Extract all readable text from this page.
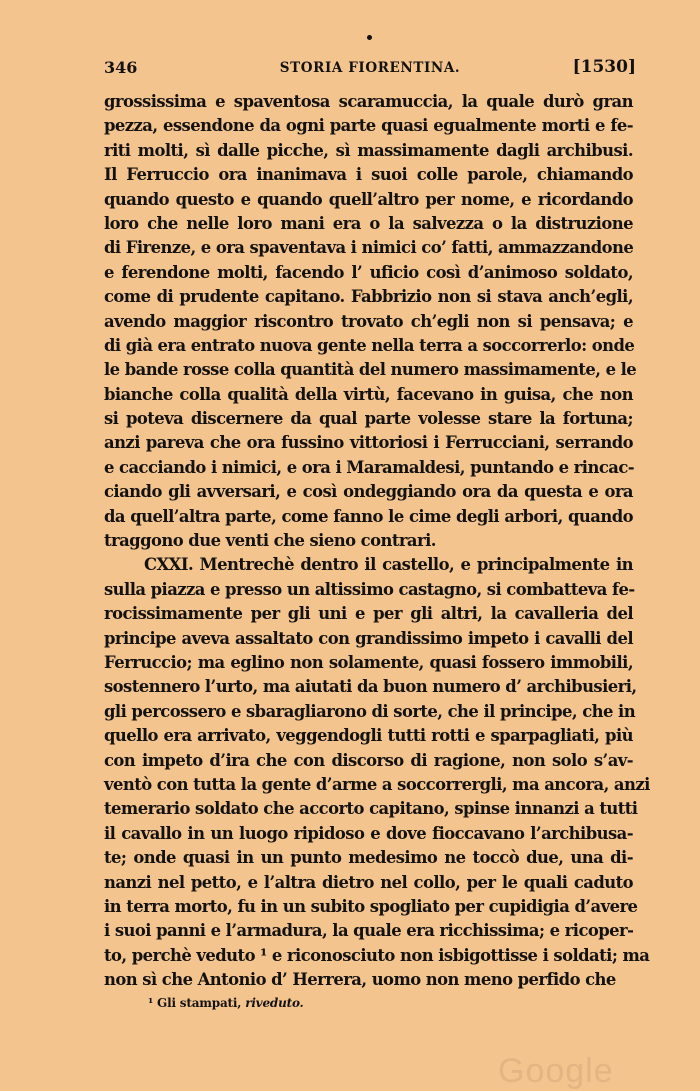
346	STORIA FIORENTINA.	[1530]
grossissima e spaventosa scaramuccia, la quale durò gran
pezza, essendone da ogni parte quasi egualmente morti e fe-
riti molti, sì dalle picche, sì massimamente dagli archibusi.
Il Ferruccio ora inanimava i suoi colle parole, chiamando
quando questo e quando quell’altro per nome, e ricordando
loro che nelle loro mani era o la salvezza o la distruzione
di Firenze, e ora spaventava i nimici co’ fatti, ammazzandone
e ferendone molti, facendo l’ uficio così d’animoso soldato,
come di prudente capitano. Fabbrizio non si stava anch’egli,
avendo maggior riscontro trovato ch’egli non si pensava; e
di già era entrato nuova gente nella terra a soccorrerlo: onde
le bande rosse colla quantità del numero massimamente, e le
bianche colla qualità della virtù, facevano in guisa, che non
si poteva discernere da qual parte volesse stare la fortuna;
anzi pareva che ora fussino vittoriosi i Ferrucciani, serrando
e cacciando i nimici, e ora i Maramaldesi, puntando e rincac-
ciando gli avversari, e così ondeggiando ora da questa e ora
da quell’altra parte, come fanno le cime degli arbori, quando
traggono due venti che sieno contrari.
CXXI. Mentrechè dentro il castello, e principalmente in
sulla piazza e presso un altissimo castagno, si combatteva fe-
rocissimamente per gli uni e per gli altri, la cavalleria del
principe aveva assaltato con grandissimo impeto i cavalli del
Ferruccio; ma eglino non solamente, quasi fossero immobili,
sostennero l’urto, ma aiutati da buon numero d’ archibusieri,
gli percossero e sbaragliarono di sorte, che il principe, che in
quello era arrivato, veggendogli tutti rotti e sparpagliati, più
con impeto d’ira che con discorso di ragione, non solo s’av-
ventò con tutta la gente d’arme a soccorrergli, ma ancora, anzi
temerario soldato che accorto capitano, spinse innanzi a tutti
il cavallo in un luogo ripidoso e dove fioccavano l’archibusa-
te; onde quasi in un punto medesimo ne toccò due, una di-
nanzi nel petto, e l’altra dietro nel collo, per le quali caduto
in terra morto, fu in un subito spogliato per cupidigia d’avere
i suoi panni e l’armadura, la quale era ricchissima; e ricoper-
to, perchè veduto ¹ e riconosciuto non isbigottisse i soldati; ma
non sì che Antonio d’ Herrera, uomo non meno perfido che
¹ Gli stampati, riveduto.
Google
